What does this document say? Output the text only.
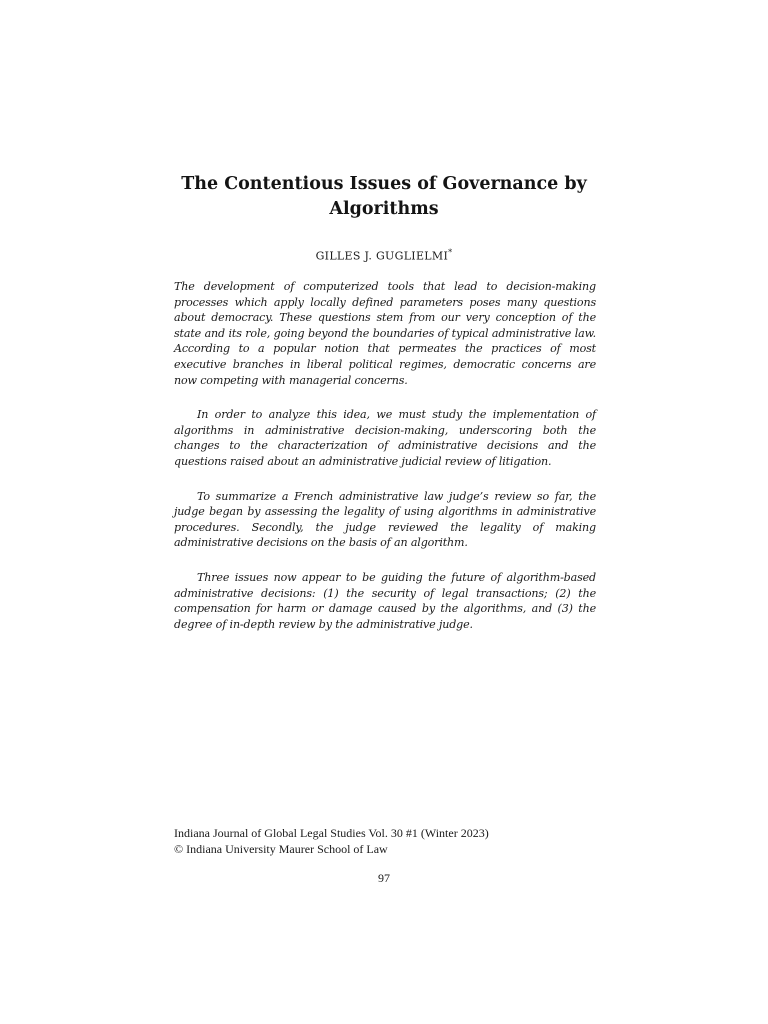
The Contentious Issues of Governance by Algorithms
GILLES J. GUGLIELMI*

The development of computerized tools that lead to decision-making processes which apply locally defined parameters poses many questions about democracy. These questions stem from our very conception of the state and its role, going beyond the boundaries of typical administrative law. According to a popular notion that permeates the practices of most executive branches in liberal political regimes, democratic concerns are now competing with managerial concerns.

In order to analyze this idea, we must study the implementation of algorithms in administrative decision-making, underscoring both the changes to the characterization of administrative decisions and the questions raised about an administrative judicial review of litigation.

To summarize a French administrative law judge’s review so far, the judge began by assessing the legality of using algorithms in administrative procedures. Secondly, the judge reviewed the legality of making administrative decisions on the basis of an algorithm.

Three issues now appear to be guiding the future of algorithm-based administrative decisions: (1) the security of legal transactions; (2) the compensation for harm or damage caused by the algorithms, and (3) the degree of in-depth review by the administrative judge.

Indiana Journal of Global Legal Studies Vol. 30 #1 (Winter 2023)
© Indiana University Maurer School of Law
97
